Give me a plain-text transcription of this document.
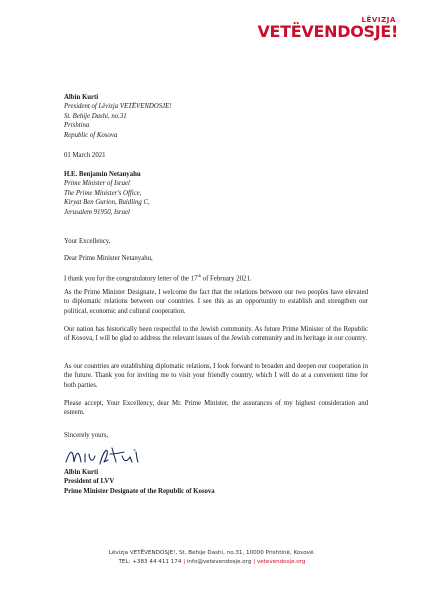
LËVIZJA
VETËVENDOSJE!
Albin Kurti
President of Lëvizja VETËVENDOSJE!
St. Behije Dashi, no.31
Prishtina
Republic of Kosova
01 March 2021
H.E. Benjamin Netanyahu
Prime Minister of Israel
The Prime Minister's Office,
Kiryat Ben Gurion, Buidling C,
Jerusalem 91950, Israel
Your Excellency,
Dear Prime Minister Netanyahu,
I thank you for the congratulatory letter of the 17th of February 2021.

As the Prime Minister Designate, I welcome the fact that the relations between our two peoples have elevated to diplomatic relations between our countries. I see this as an opportunity to establish and strengthen our political, economic and cultural cooperation.

Our nation has historically been respectful to the Jewish community. As future Prime Minister of the Republic of Kosova, I will be glad to address the relevant issues of the Jewish community and its heritage in our country.

As our countries are establishing diplomatic relations, I look forward to broaden and deepen our cooperation in the future. Thank you for inviting me to visit your friendly country, which I will do at a convenient time for both parties.

Please accept, Your Excellency, dear Mr. Prime Minister, the assurances of my highest consideration and esteem.

Sincerely yours,
Albin Kurti
President of LVV
Prime Minister Designate of the Republic of Kosova
Lëvizja VETËVENDOSJE!, St. Behije Dashi, no.31, 10000 Prishtinë, Kosovë.
TEL: +383 44 411 174 | info@vetevendosje.org | vetevendosje.org
